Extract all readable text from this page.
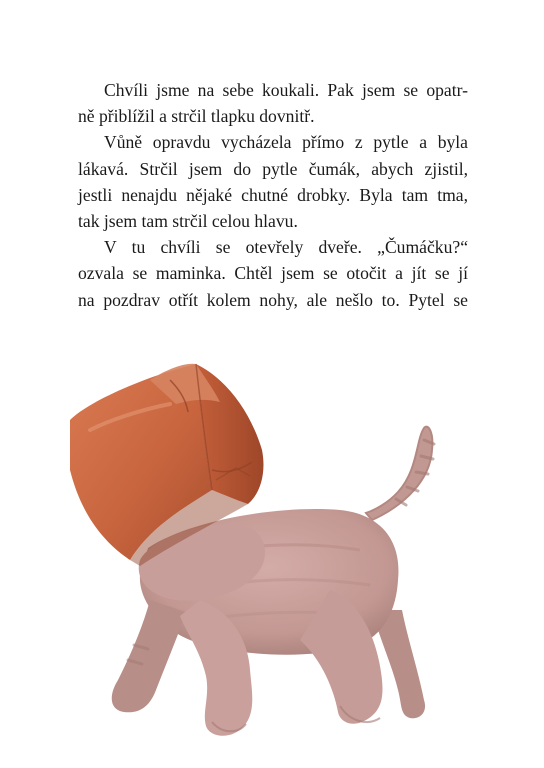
Chvíli jsme na sebe koukali. Pak jsem se opatr-
ně přiblížil a strčil tlapku dovnitř.
Vůně opravdu vycházela přímo z pytle a byla
lákavá. Strčil jsem do pytle čumák, abych zjistil,
jestli nenajdu nějaké chutné drobky. Byla tam tma,
tak jsem tam strčil celou hlavu.
V tu chvíli se otevřely dveře. „Čumáčku?“
ozvala se maminka. Chtěl jsem se otočit a jít se jí
na pozdrav otřít kolem nohy, ale nešlo to. Pytel se
